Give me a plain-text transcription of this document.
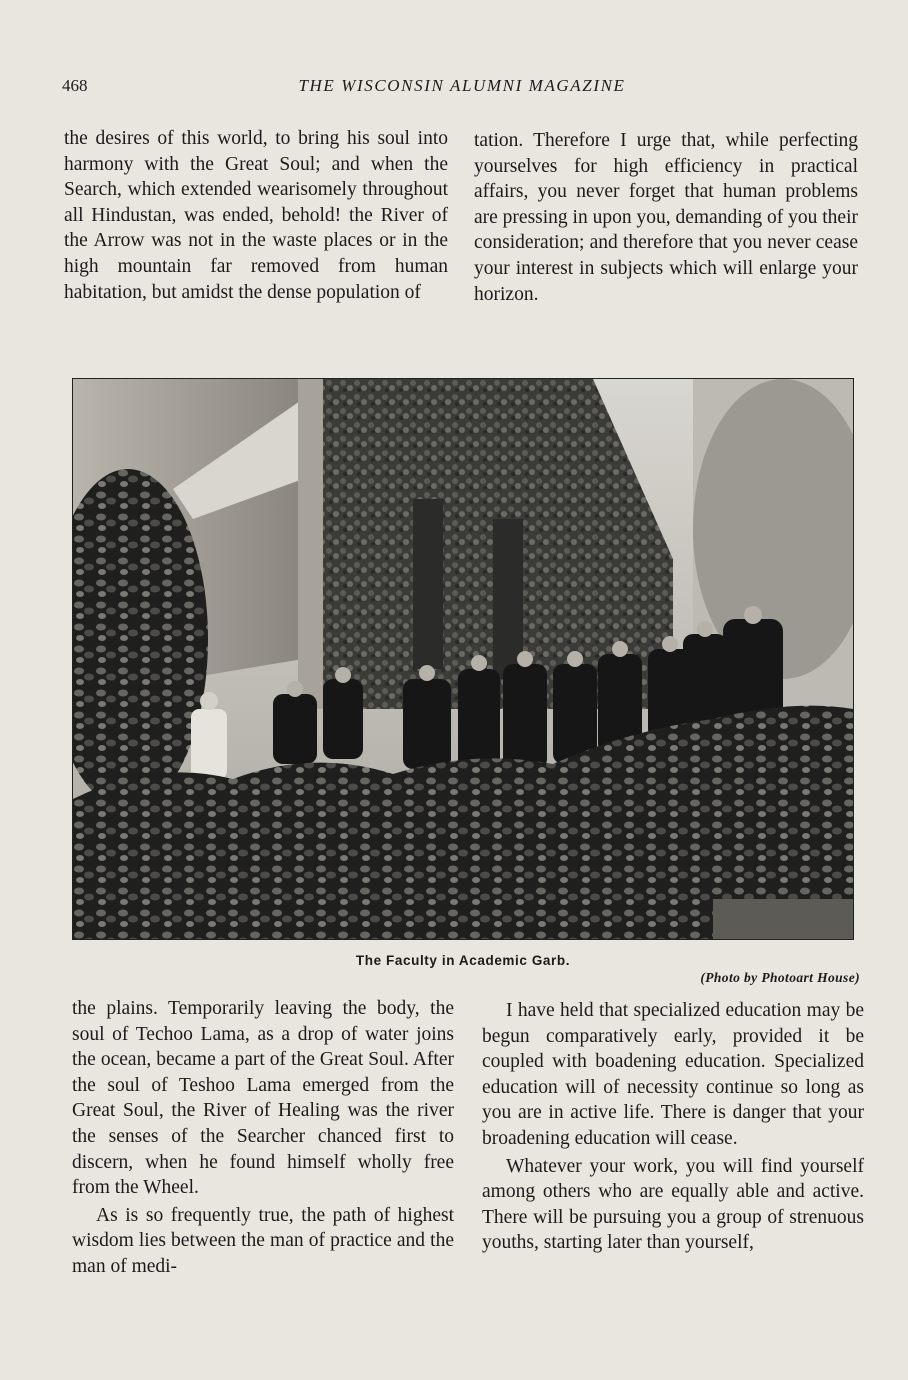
468	THE WISCONSIN ALUMNI MAGAZINE

the desires of this world, to bring his soul into harmony with the Great Soul; and when the Search, which extended wearisomely throughout all Hindustan, was ended, behold! the River of the Arrow was not in the waste places or in the high mountain far removed from human habitation, but amidst the dense population of

tation. Therefore I urge that, while perfecting yourselves for high efficiency in practical affairs, you never forget that human problems are pressing in upon you, demanding of you their consideration; and therefore that you never cease your interest in subjects which will enlarge your horizon.

The Faculty in Academic Garb.
(Photo by Photoart House)

the plains. Temporarily leaving the body, the soul of Techoo Lama, as a drop of water joins the ocean, became a part of the Great Soul. After the soul of Teshoo Lama emerged from the Great Soul, the River of Healing was the river the senses of the Searcher chanced first to discern, when he found himself wholly free from the Wheel.

As is so frequently true, the path of highest wisdom lies between the man of practice and the man of medi-

I have held that specialized education may be begun comparatively early, provided it be coupled with boadening education. Specialized education will of necessity continue so long as you are in active life. There is danger that your broadening education will cease.

Whatever your work, you will find yourself among others who are equally able and active. There will be pursuing you a group of strenuous youths, starting later than yourself,
